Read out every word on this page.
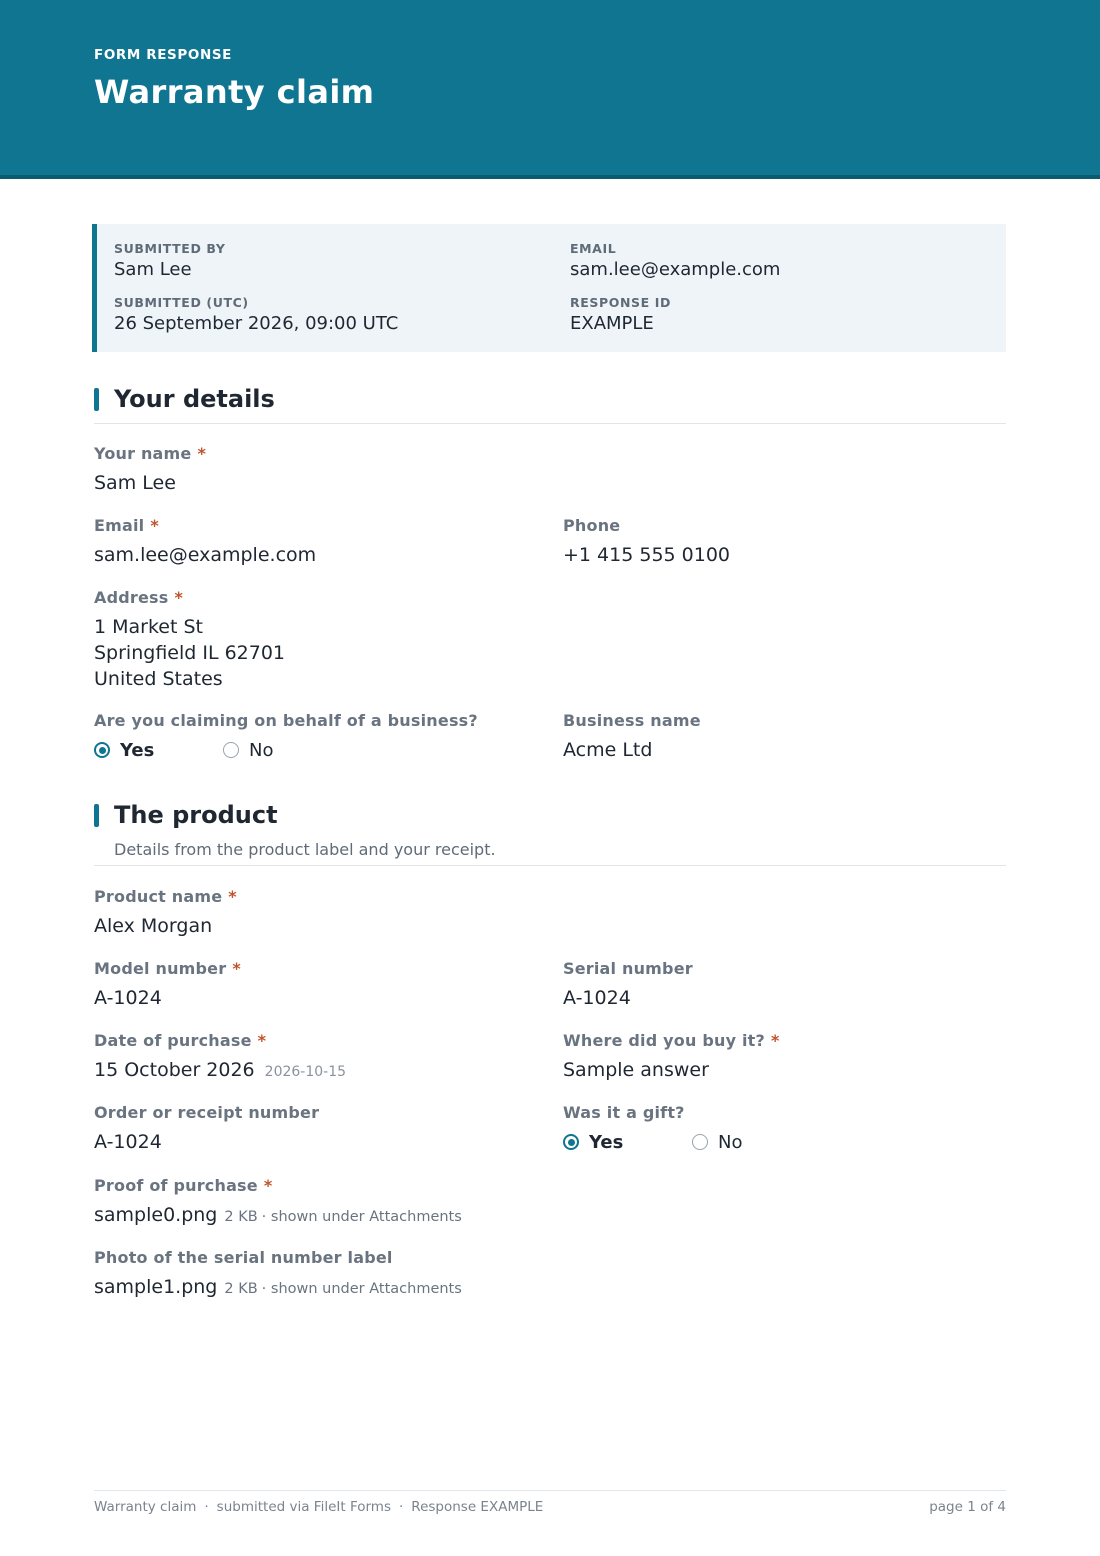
FORM RESPONSE
Warranty claim
SUBMITTED BY
Sam Lee
EMAIL
sam.lee@example.com
SUBMITTED (UTC)
26 September 2026, 09:00 UTC
RESPONSE ID
EXAMPLE
Your details
Your name *
Sam Lee
Email *
sam.lee@example.com
Phone
+1 415 555 0100
Address *
1 Market St
Springfield IL 62701
United States
Are you claiming on behalf of a business?
Yes	No
Business name
Acme Ltd
The product
Details from the product label and your receipt.
Product name *
Alex Morgan
Model number *
A-1024
Serial number
A-1024
Date of purchase *
15 October 2026 2026-10-15
Where did you buy it? *
Sample answer
Order or receipt number
A-1024
Was it a gift?
Yes	No
Proof of purchase *
sample0.png 2 KB · shown under Attachments
Photo of the serial number label
sample1.png 2 KB · shown under Attachments
Warranty claim · submitted via FileIt Forms · Response EXAMPLE	page 1 of 4
